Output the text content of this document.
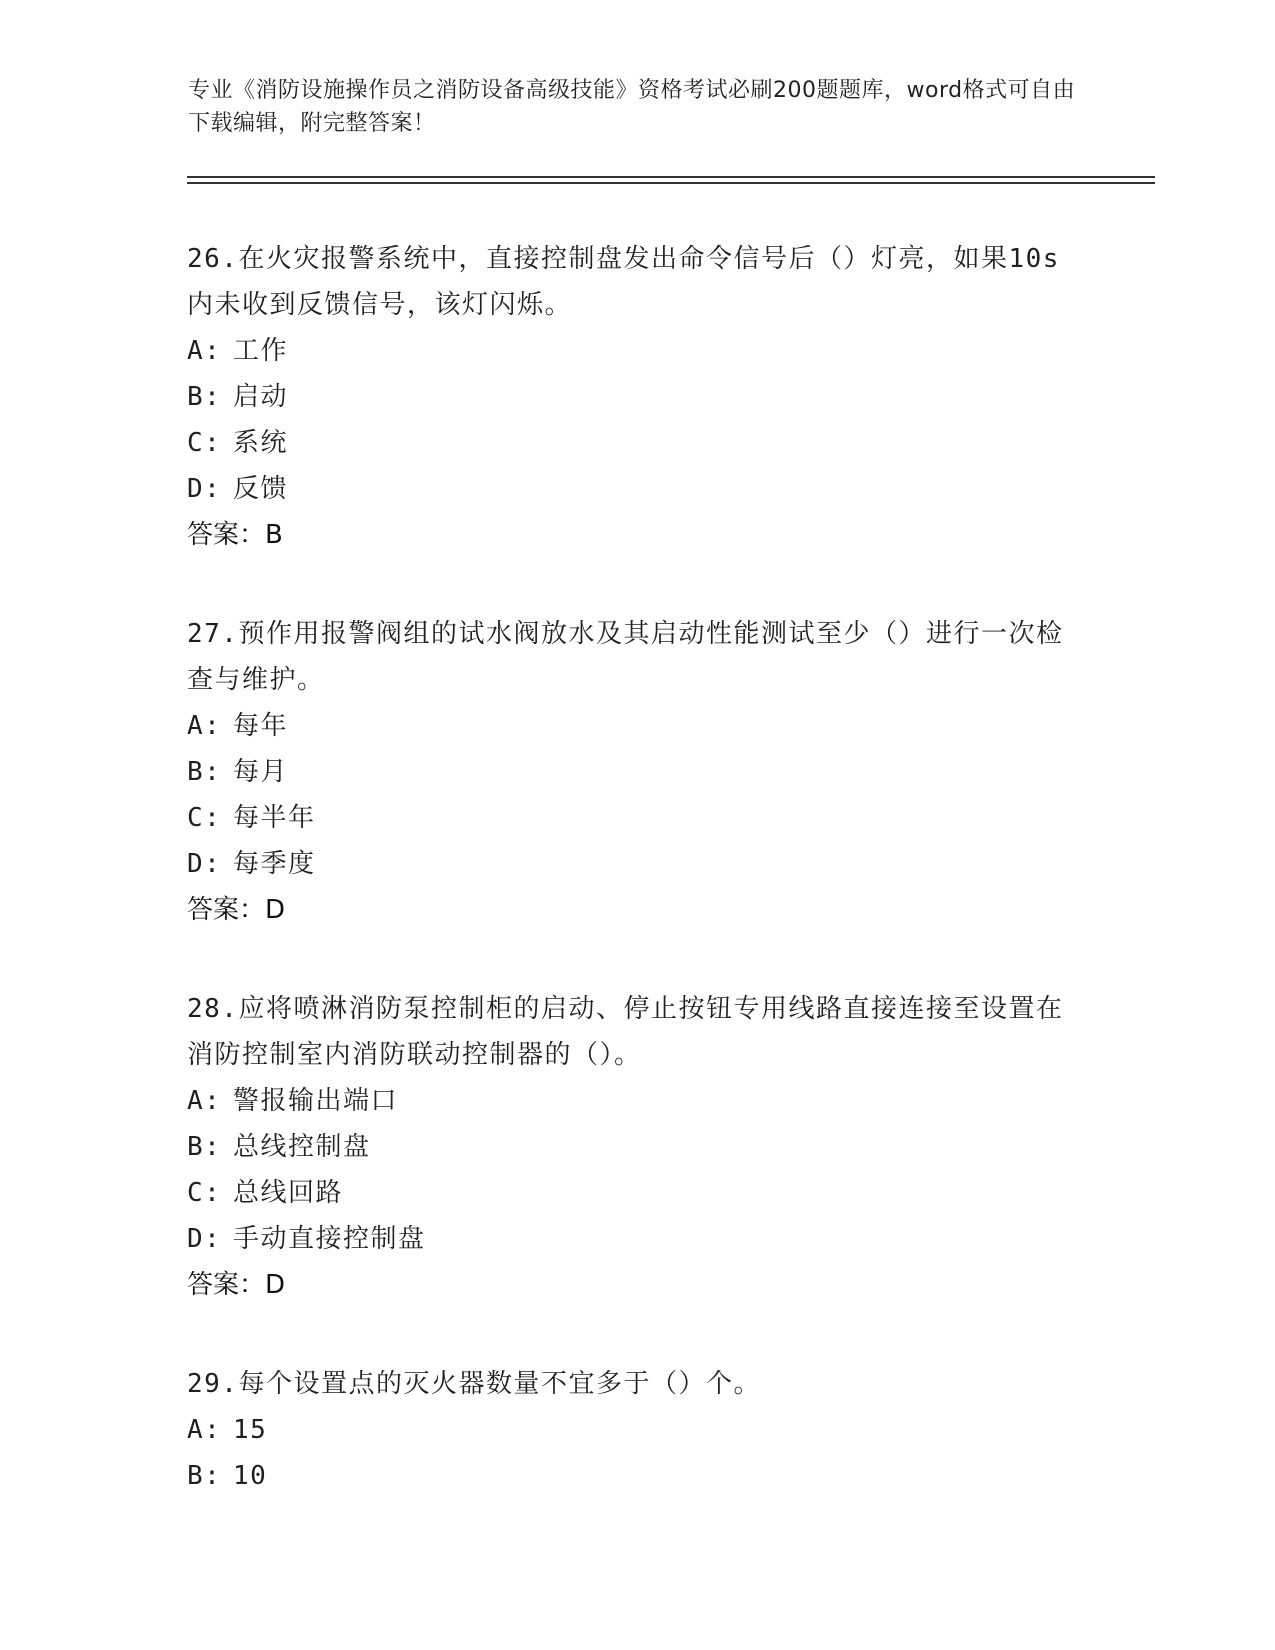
专业《消防设施操作员之消防设备高级技能》资格考试必刷200题题库，word格式可自由下载编辑，附完整答案！

26.在火灾报警系统中，直接控制盘发出命令信号后（）灯亮，如果10s内未收到反馈信号，该灯闪烁。

A: 工作
B: 启动
C: 系统
D: 反馈
答案：B

27.预作用报警阀组的试水阀放水及其启动性能测试至少（）进行一次检查与维护。

A: 每年
B: 每月
C: 每半年
D: 每季度
答案：D

28.应将喷淋消防泵控制柜的启动、停止按钮专用线路直接连接至设置在消防控制室内消防联动控制器的（）。

A: 警报输出端口
B: 总线控制盘
C: 总线回路
D: 手动直接控制盘
答案：D

29.每个设置点的灭火器数量不宜多于（）个。

A: 15
B: 10
